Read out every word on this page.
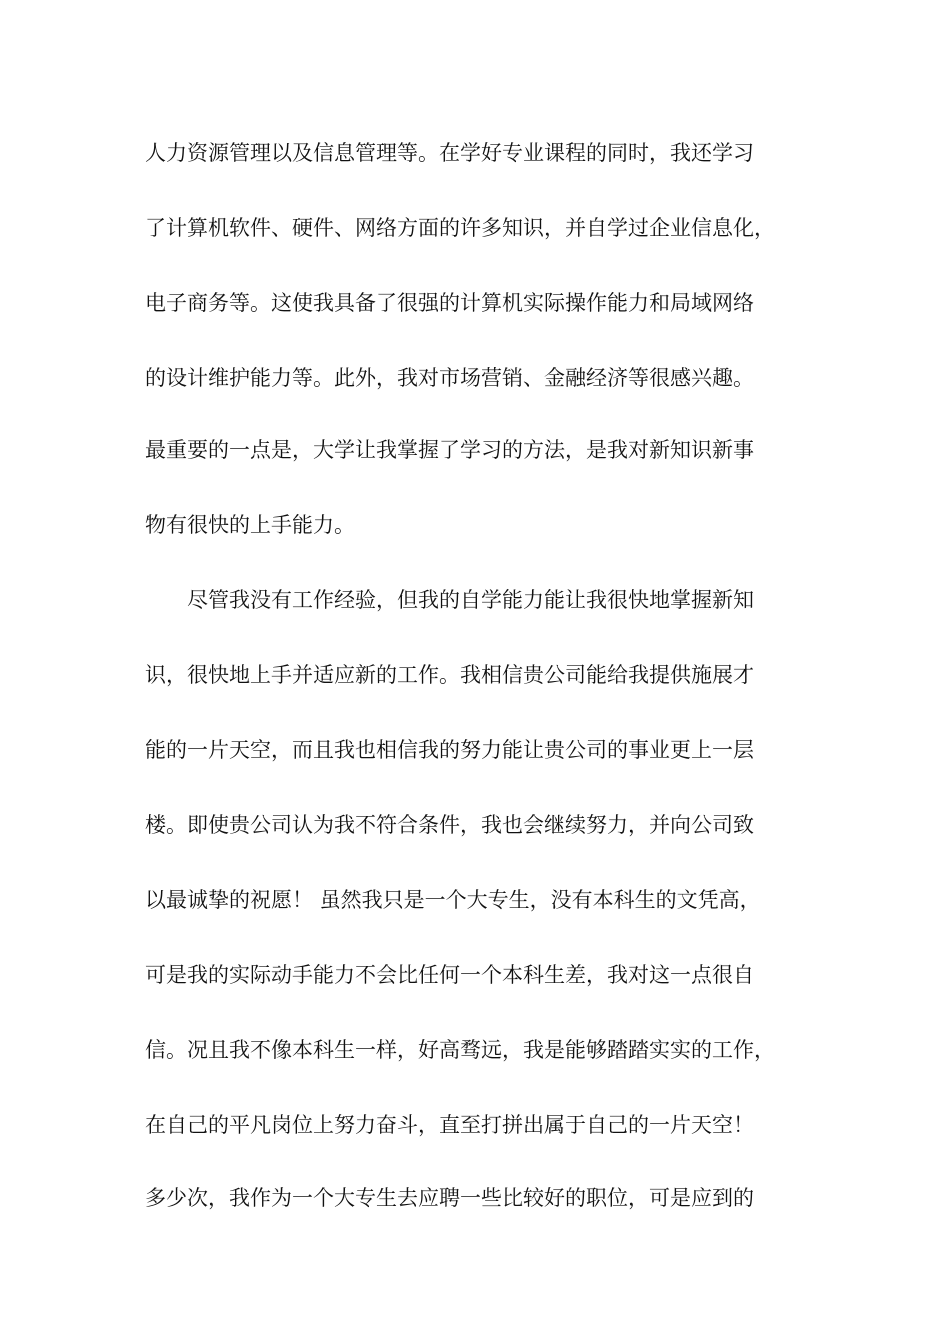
人力资源管理以及信息管理等。在学好专业课程的同时，我还学习
了计算机软件、硬件、网络方面的许多知识，并自学过企业信息化，
电子商务等。这使我具备了很强的计算机实际操作能力和局域网络
的设计维护能力等。此外，我对市场营销、金融经济等很感兴趣。
最重要的一点是，大学让我掌握了学习的方法，是我对新知识新事
物有很快的上手能力。
尽管我没有工作经验，但我的自学能力能让我很快地掌握新知
识，很快地上手并适应新的工作。我相信贵公司能给我提供施展才
能的一片天空，而且我也相信我的努力能让贵公司的事业更上一层
楼。即使贵公司认为我不符合条件，我也会继续努力，并向公司致
以最诚挚的祝愿！ 虽然我只是一个大专生，没有本科生的文凭高，
可是我的实际动手能力不会比任何一个本科生差，我对这一点很自
信。况且我不像本科生一样，好高骛远，我是能够踏踏实实的工作，
在自己的平凡岗位上努力奋斗，直至打拼出属于自己的一片天空！
多少次，我作为一个大专生去应聘一些比较好的职位，可是应到的
